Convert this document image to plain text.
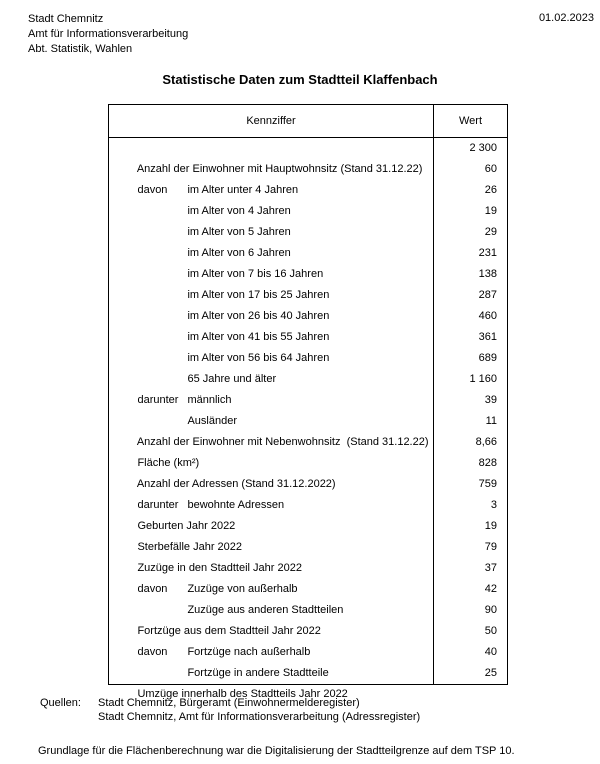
Stadt Chemnitz
Amt für Informationsverarbeitung
Abt. Statistik, Wahlen
01.02.2023
Statistische Daten zum Stadtteil Klaffenbach
Kennziffer	Wert

Anzahl der Einwohner mit Hauptwohnsitz (Stand 31.12.22)

2 300

davon im Alter unter 4 Jahren

60

im Alter von 4 Jahren

26

im Alter von 5 Jahren

19

im Alter von 6 Jahren

29

im Alter von 7 bis 16 Jahren

231

im Alter von 17 bis 25 Jahren

138

im Alter von 26 bis 40 Jahren

287

im Alter von 41 bis 55 Jahren

460

im Alter von 56 bis 64 Jahren

361

65 Jahre und älter

689

darunter männlich

1 160

Ausländer

39

Anzahl der Einwohner mit Nebenwohnsitz  (Stand 31.12.22)

11

Fläche (km²)

8,66

Anzahl der Adressen (Stand 31.12.2022)

828

darunter bewohnte Adressen

759

Geburten Jahr 2022

3

Sterbefälle Jahr 2022

19

Zuzüge in den Stadtteil Jahr 2022

79

davon Zuzüge von außerhalb

37

Zuzüge aus anderen Stadtteilen

42

Fortzüge aus dem Stadtteil Jahr 2022

90

davon Fortzüge nach außerhalb

50

Fortzüge in andere Stadtteile

40

Umzüge innerhalb des Stadtteils Jahr 2022

25
Quellen: Stadt Chemnitz, Bürgeramt (Einwohnermelderegister)
Stadt Chemnitz, Amt für Informationsverarbeitung (Adressregister)
Grundlage für die Flächenberechnung war die Digitalisierung der Stadtteilgrenze auf dem TSP 10.
